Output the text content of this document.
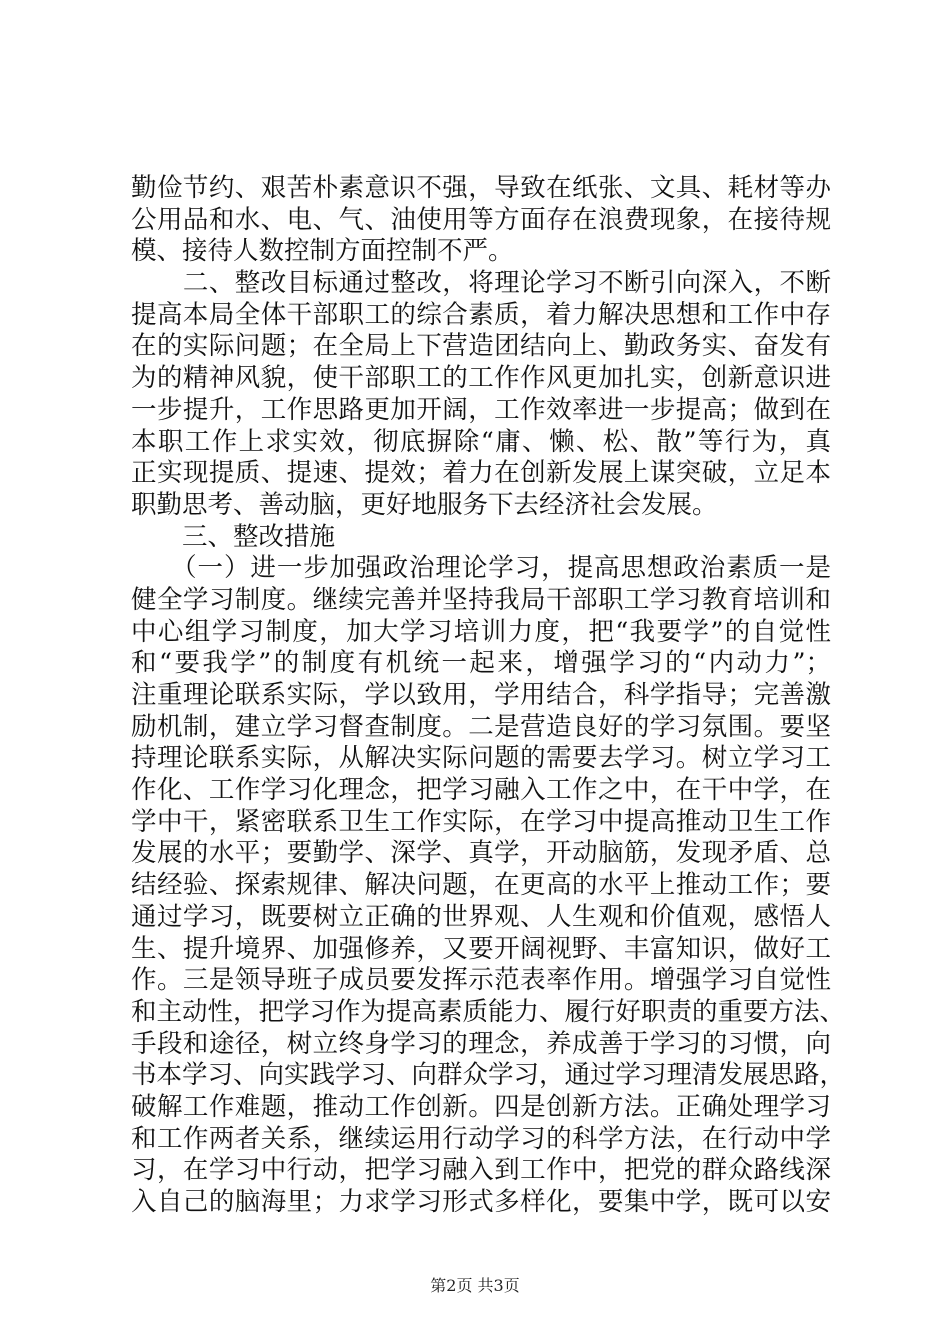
勤俭节约、艰苦朴素意识不强，导致在纸张、文具、耗材等办
公用品和水、电、气、油使用等方面存在浪费现象，在接待规
模、接待人数控制方面控制不严。
　　二、整改目标通过整改，将理论学习不断引向深入，不断
提高本局全体干部职工的综合素质，着力解决思想和工作中存
在的实际问题；在全局上下营造团结向上、勤政务实、奋发有
为的精神风貌，使干部职工的工作作风更加扎实，创新意识进
一步提升，工作思路更加开阔，工作效率进一步提高；做到在
本职工作上求实效，彻底摒除“庸、懒、松、散”等行为，真
正实现提质、提速、提效；着力在创新发展上谋突破，立足本
职勤思考、善动脑，更好地服务下去经济社会发展。
　　三、整改措施
　　（一）进一步加强政治理论学习，提高思想政治素质一是
健全学习制度。继续完善并坚持我局干部职工学习教育培训和
中心组学习制度，加大学习培训力度，把“我要学”的自觉性
和“要我学”的制度有机统一起来，增强学习的“内动力”；
注重理论联系实际，学以致用，学用结合，科学指导；完善激
励机制，建立学习督查制度。二是营造良好的学习氛围。要坚
持理论联系实际，从解决实际问题的需要去学习。树立学习工
作化、工作学习化理念，把学习融入工作之中，在干中学，在
学中干，紧密联系卫生工作实际，在学习中提高推动卫生工作
发展的水平；要勤学、深学、真学，开动脑筋，发现矛盾、总
结经验、探索规律、解决问题，在更高的水平上推动工作；要
通过学习，既要树立正确的世界观、人生观和价值观，感悟人
生、提升境界、加强修养，又要开阔视野、丰富知识，做好工
作。三是领导班子成员要发挥示范表率作用。增强学习自觉性
和主动性，把学习作为提高素质能力、履行好职责的重要方法、
手段和途径，树立终身学习的理念，养成善于学习的习惯，向
书本学习、向实践学习、向群众学习，通过学习理清发展思路，
破解工作难题，推动工作创新。四是创新方法。正确处理学习
和工作两者关系，继续运用行动学习的科学方法，在行动中学
习，在学习中行动，把学习融入到工作中，把党的群众路线深
入自己的脑海里；力求学习形式多样化，要集中学，既可以安
第2页 共3页
